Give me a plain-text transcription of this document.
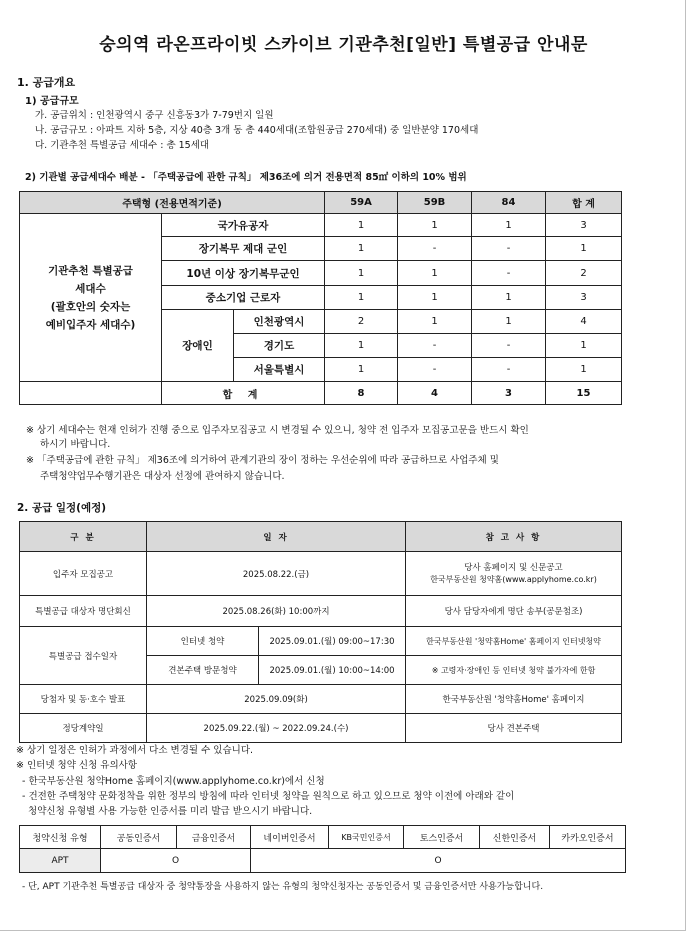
숭의역 라온프라이빗 스카이브 기관추천[일반] 특별공급 안내문
1. 공급개요
1) 공급규모
가. 공급위치 : 인천광역시 중구 신흥동3가 7-79번지 일원
나. 공급규모 : 아파트 지하 5층, 지상 40층 3개 동 총 440세대(조합원공급 270세대) 중 일반분양 170세대
다. 기관추천 특별공급 세대수 : 총 15세대
2) 기관별 공급세대수 배분 - 「주택공급에 관한 규칙」 제36조에 의거 전용면적 85㎡ 이하의 10% 범위
주택형 (전용면적기준)			59A	59B	84	합 계

기관추천 특별공급
세대수
(괄호안의 숫자는
예비입주자 세대수)	국가유공자		1	1	1	3
	장기복무 제대 군인		1	-	-	1
	10년 이상 장기복무군인		1	1	-	2
	중소기업 근로자		1	1	1	3
	장애인	인천광역시	2	1	1	4
		경기도	1	-	-	1
		서울특별시	1	-	-	1
	합 계		8	4	3	15
※ 상기 세대수는 현재 인허가 진행 중으로 입주자모집공고 시 변경될 수 있으니, 청약 전 입주자 모집공고문을 반드시 확인
하시기 바랍니다.
※ 「주택공급에 관한 규칙」 제36조에 의거하여 관계기관의 장이 정하는 우선순위에 따라 공급하므로 사업주체 및
주택청약업무수행기관은 대상자 선정에 관여하지 않습니다.
2. 공급 일정(예정)
구 분	일 자		참 고 사 항
입주자 모집공고	2025.08.22.(금)		당사 홈페이지 및 신문공고
한국부동산원 청약홈(www.applyhome.co.kr)

특별공급 대상자 명단회신	2025.08.26(화) 10:00까지		당사 담당자에게 명단 송부(공문첨조)
특별공급 접수일자	인터넷 청약	2025.09.01.(월) 09:00~17:30	한국부동산원 '청약홈Home' 홈페이지 인터넷청약
	견본주택 방문청약	2025.09.01.(월) 10:00~14:00	※ 고령자·장애인 등 인터넷 청약 불가자에 한함
당첨자 및 동·호수 발표	2025.09.09(화)		한국부동산원 '청약홈Home' 홈페이지
정당계약일	2025.09.22.(월) ~ 2022.09.24.(수)		당사 견본주택
※ 상기 일정은 인허가 과정에서 다소 변경될 수 있습니다.
※ 인터넷 청약 신청 유의사항
- 한국부동산원 청약Home 홈페이지(www.applyhome.co.kr)에서 신청
- 건전한 주택청약 문화정착을 위한 정부의 방침에 따라 인터넷 청약을 원칙으로 하고 있으므로 청약 이전에 아래와 같이
청약신청 유형별 사용 가능한 인증서를 미리 발급 받으시기 바랍니다.
청약신청 유형	공동인증서	금융인증서	네이버인증서	KB국민인증서	토스인증서	신한인증서	카카오인증서
APT	O		O				
- 단, APT 기관추천 특별공급 대상자 중 청약통장을 사용하지 않는 유형의 청약신청자는 공동인증서 및 금융인증서만 사용가능합니다.
